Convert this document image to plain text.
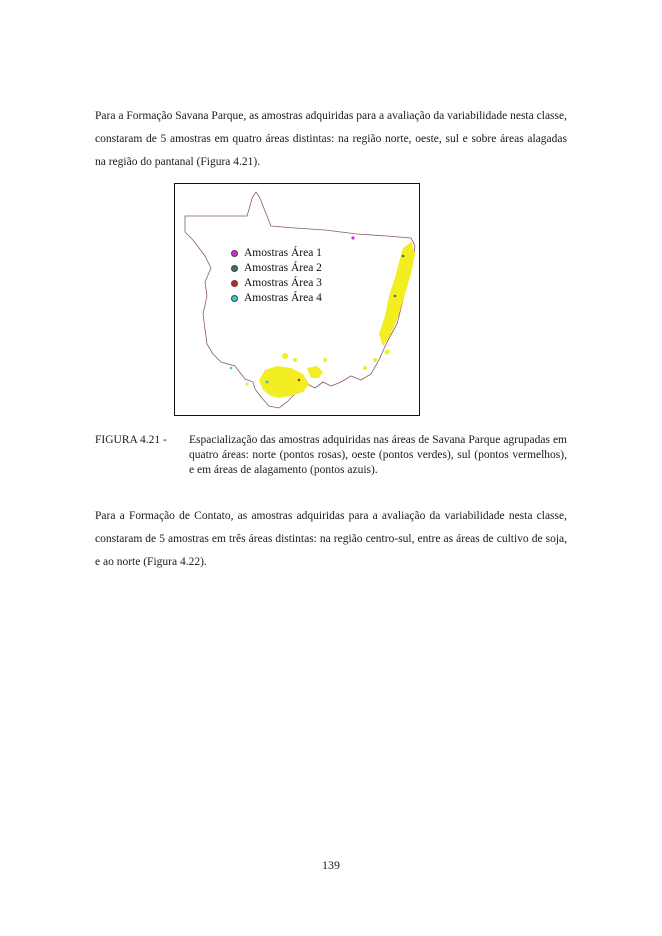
Para a Formação Savana Parque, as amostras adquiridas para a avaliação da variabilidade nesta classe, constaram de 5 amostras em quatro áreas distintas: na região norte, oeste, sul e sobre áreas alagadas na região do pantanal (Figura 4.21).

Amostras Área 1
Amostras Área 2
Amostras Área 3
Amostras Área 4
FIGURA 4.21 - Espacialização das amostras adquiridas nas áreas de Savana Parque agrupadas em quatro áreas: norte (pontos rosas), oeste (pontos verdes), sul (pontos vermelhos), e em áreas de alagamento (pontos azuis).

Para a Formação de Contato, as amostras adquiridas para a avaliação da variabilidade nesta classe, constaram de 5 amostras em três áreas distintas: na região centro-sul, entre as áreas de cultivo de soja, e ao norte (Figura 4.22).

139
